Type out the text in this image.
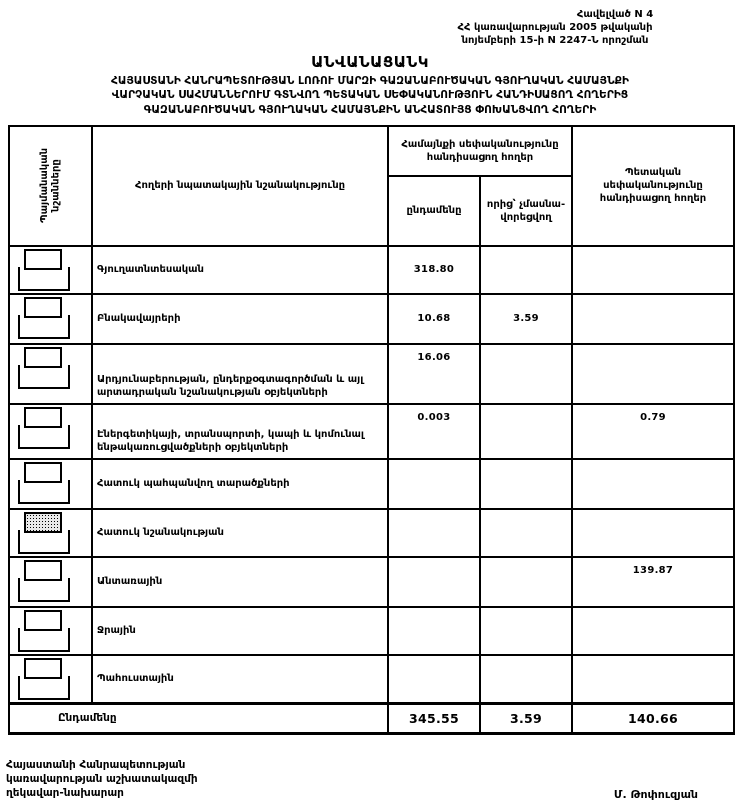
Հավելված N 4
ՀՀ կառավարության 2005 թվականի
նոյեմբերի 15-ի N 2247-Ն որոշման
ԱՆՎԱՆԱՑԱՆԿ
ՀԱՅԱՍՏԱՆԻ ՀԱՆՐԱՊԵՏՈՒԹՅԱՆ ԼՈՌՈՒ ՄԱՐԶԻ ԳԱԶԱՆԱԲՈՒԾԱԿԱՆ ԳՅՈՒՂԱԿԱՆ ՀԱՄԱՅՆՔԻ
ՎԱՐՉԱԿԱՆ ՍԱՀՄԱՆՆԵՐՈՒՄ ԳՏՆՎՈՂ ՊԵՏԱԿԱՆ ՍԵՓԱԿԱՆՈՒԹՅՈՒՆ ՀԱՆԴԻՍԱՑՈՂ ՀՈՂԵՐԻՑ
ԳԱԶԱՆԱԲՈՒԾԱԿԱՆ ԳՅՈՒՂԱԿԱՆ ՀԱՄԱՅՆՔԻՆ ԱՆՀԱՏՈՒՅՑ ՓՈԽԱՆՑՎՈՂ ՀՈՂԵՐԻ
Պայմանական նշանները	Հողերի նպատակային նշանակությունը	Համայնքի սեփականությունը հանդիսացող հողեր		Պետական սեփականությունը հանդիսացող հողեր
		ընդամենը	որից՝ չմասնա-վորեցվող	

	Գյուղատնտեսական	318.80		

	Բնակավայրերի	10.68	3.59	

	Արդյունաբերության, ընդերքօգտագործման և այլ արտադրական նշանակության օբյեկտների	16.06		

	Էներգետիկայի, տրանսպորտի, կապի և կոմունալ ենթակառուցվածքների օբյեկտների	0.003		0.79

	Հատուկ պահպանվող տարածքների			

	Հատուկ նշանակության			

	Անտառային			139.87

	Ջրային			

	Պահուստային			
Ընդամենը		345.55	3.59	140.66
Հայաստանի Հանրապետության
կառավարության աշխատակազմի
ղեկավար-նախարար	Մ. Թոփուզյան
